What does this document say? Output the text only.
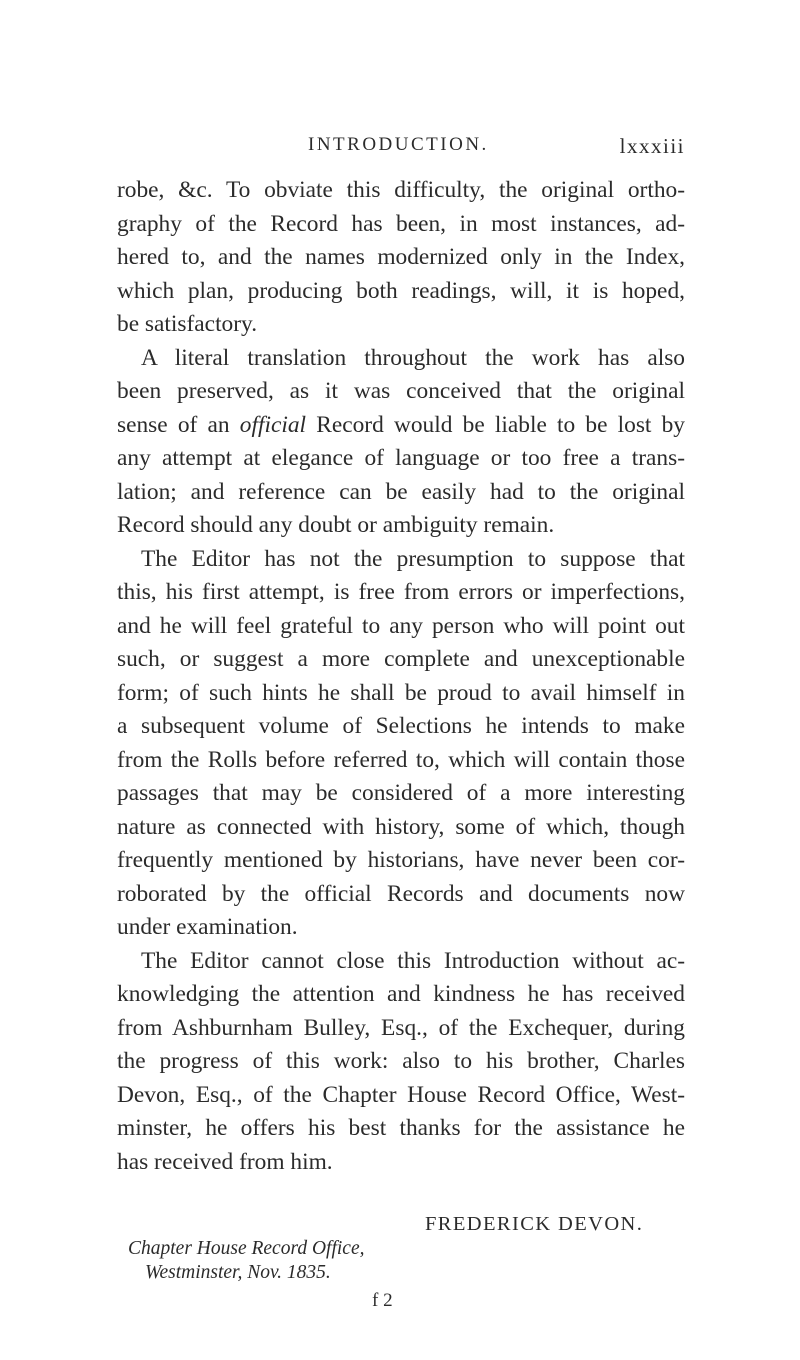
INTRODUCTION.	lxxxiii
robe, &c. To obviate this difficulty, the original ortho-
graphy of the Record has been, in most instances, ad-
hered to, and the names modernized only in the Index,
which plan, producing both readings, will, it is hoped,
be satisfactory.
A literal translation throughout the work has also
been preserved, as it was conceived that the original
sense of an official Record would be liable to be lost by
any attempt at elegance of language or too free a trans-
lation; and reference can be easily had to the original
Record should any doubt or ambiguity remain.
The Editor has not the presumption to suppose that
this, his first attempt, is free from errors or imperfections,
and he will feel grateful to any person who will point out
such, or suggest a more complete and unexceptionable
form; of such hints he shall be proud to avail himself in
a subsequent volume of Selections he intends to make
from the Rolls before referred to, which will contain those
passages that may be considered of a more interesting
nature as connected with history, some of which, though
frequently mentioned by historians, have never been cor-
roborated by the official Records and documents now
under examination.
The Editor cannot close this Introduction without ac-
knowledging the attention and kindness he has received
from Ashburnham Bulley, Esq., of the Exchequer, during
the progress of this work: also to his brother, Charles
Devon, Esq., of the Chapter House Record Office, West-
minster, he offers his best thanks for the assistance he
has received from him.
FREDERICK DEVON.
Chapter House Record Office,
Westminster, Nov. 1835.
f 2
